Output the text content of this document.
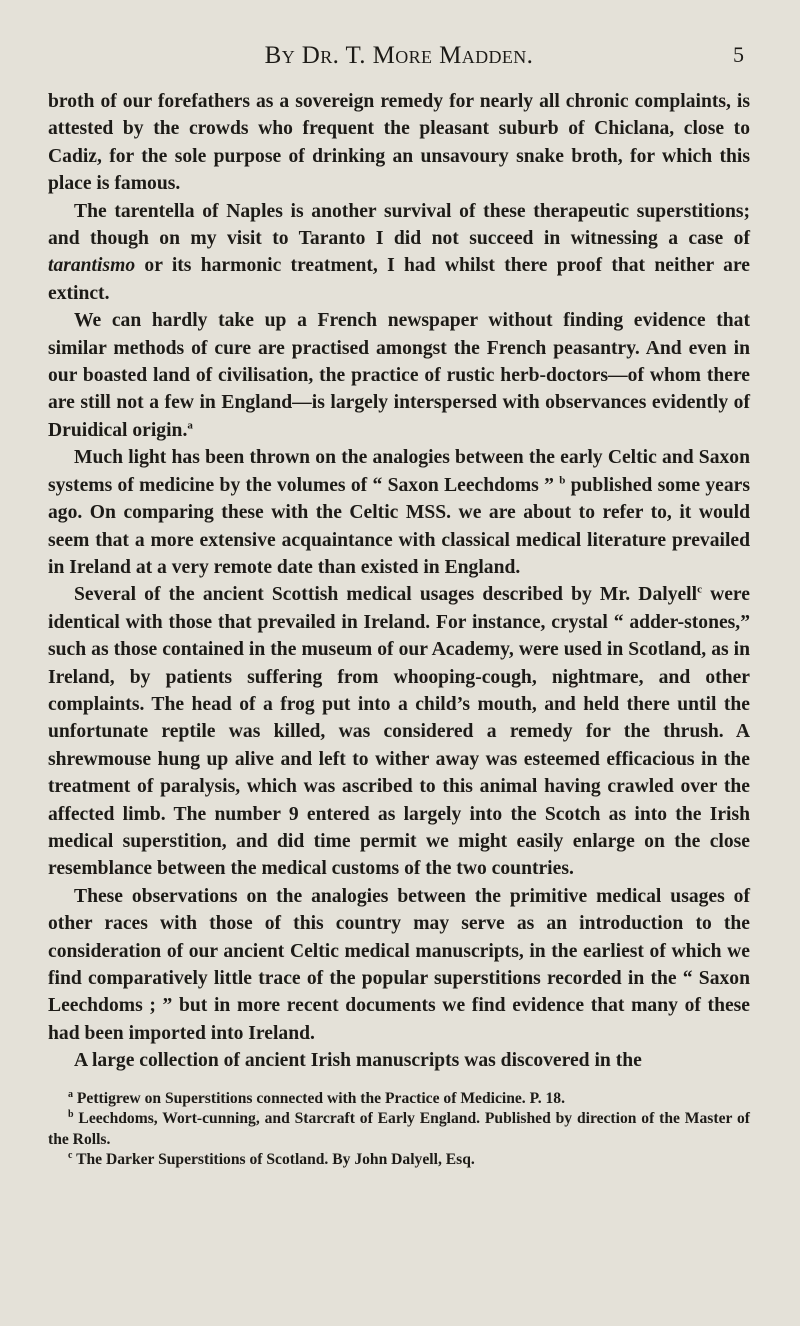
By Dr. T. More Madden.	5

broth of our forefathers as a sovereign remedy for nearly all chronic complaints, is attested by the crowds who frequent the pleasant suburb of Chiclana, close to Cadiz, for the sole purpose of drinking an unsavoury snake broth, for which this place is famous.

The tarentella of Naples is another survival of these therapeutic superstitions; and though on my visit to Taranto I did not succeed in witnessing a case of tarantismo or its harmonic treatment, I had whilst there proof that neither are extinct.

We can hardly take up a French newspaper without finding evidence that similar methods of cure are practised amongst the French peasantry. And even in our boasted land of civilisation, the practice of rustic herb-doctors—of whom there are still not a few in England—is largely interspersed with observances evidently of Druidical origin.$^a$

Much light has been thrown on the analogies between the early Celtic and Saxon systems of medicine by the volumes of “ Saxon Leechdoms ” $^b$ published some years ago. On comparing these with the Celtic MSS. we are about to refer to, it would seem that a more extensive acquaintance with classical medical literature prevailed in Ireland at a very remote date than existed in England.

Several of the ancient Scottish medical usages described by Mr. Dalyell$^c$ were identical with those that prevailed in Ireland. For instance, crystal “ adder-stones,” such as those contained in the museum of our Academy, were used in Scotland, as in Ireland, by patients suffering from whooping-cough, nightmare, and other complaints. The head of a frog put into a child’s mouth, and held there until the unfortunate reptile was killed, was considered a remedy for the thrush. A shrewmouse hung up alive and left to wither away was esteemed efficacious in the treatment of paralysis, which was ascribed to this animal having crawled over the affected limb. The number 9 entered as largely into the Scotch as into the Irish medical superstition, and did time permit we might easily enlarge on the close resemblance between the medical customs of the two countries.

These observations on the analogies between the primitive medical usages of other races with those of this country may serve as an introduction to the consideration of our ancient Celtic medical manuscripts, in the earliest of which we find comparatively little trace of the popular superstitions recorded in the “ Saxon Leechdoms ; ” but in more recent documents we find evidence that many of these had been imported into Ireland.

A large collection of ancient Irish manuscripts was discovered in the

$^a$ Pettigrew on Superstitions connected with the Practice of Medicine. P. 18.

$^b$ Leechdoms, Wort-cunning, and Starcraft of Early England. Published by direction of the Master of the Rolls.

$^c$ The Darker Superstitions of Scotland. By John Dalyell, Esq.
